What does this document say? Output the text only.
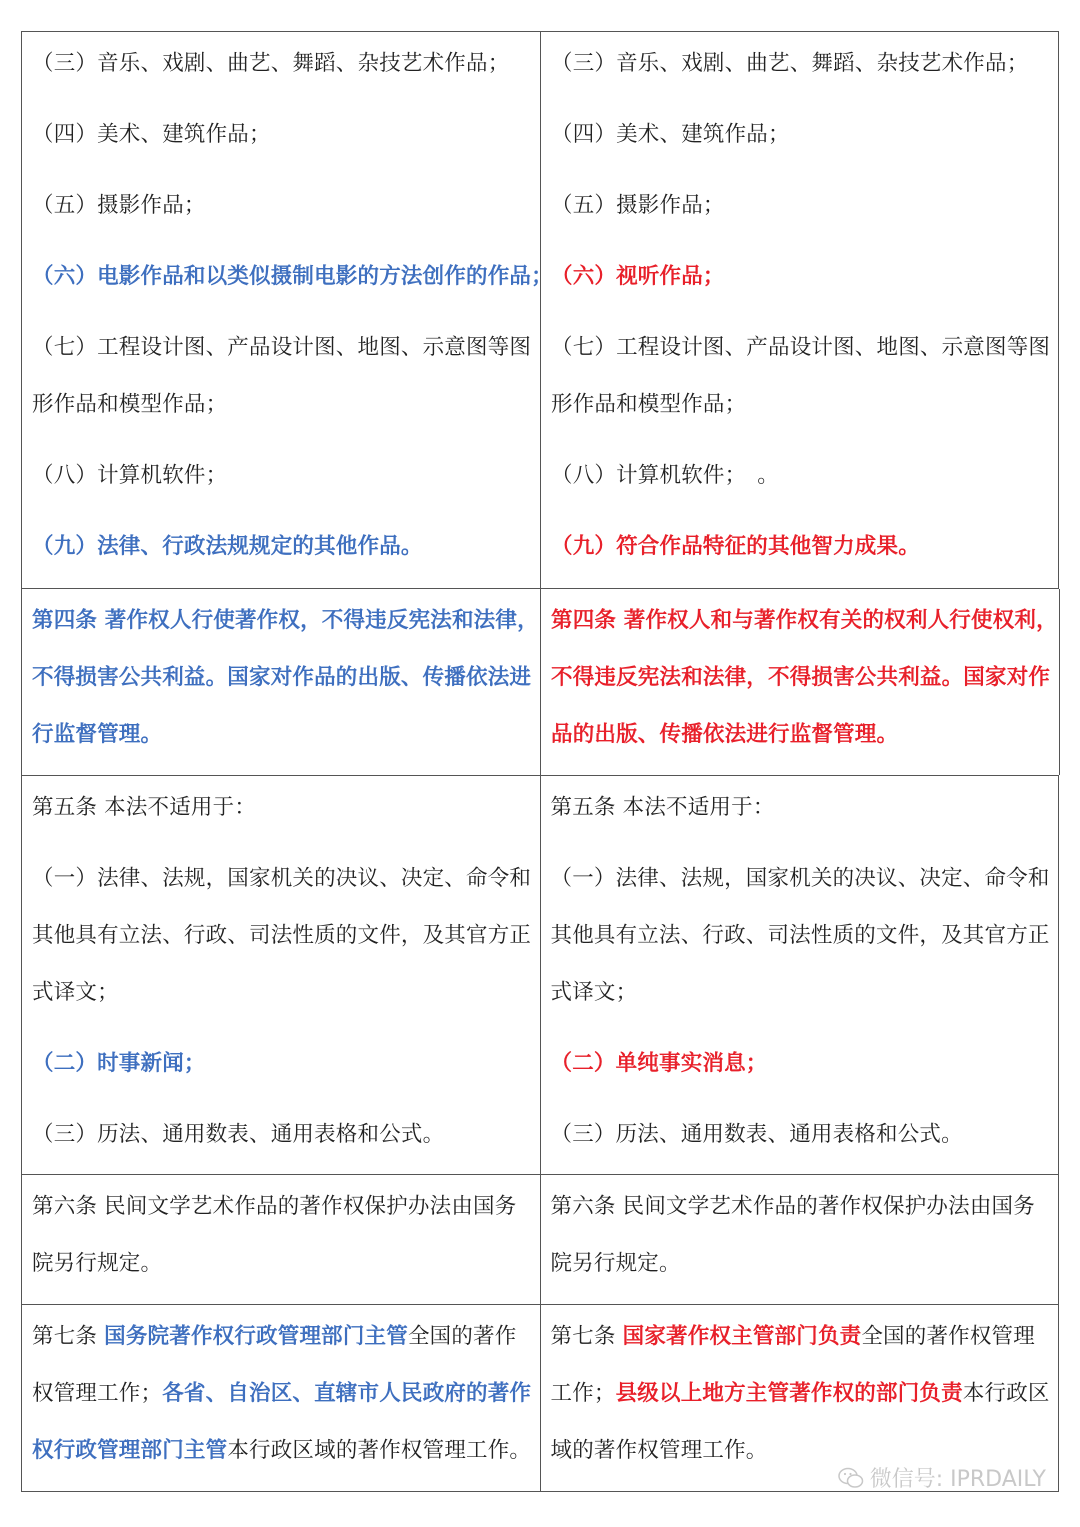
（三）音乐、戏剧、曲艺、舞蹈、杂技艺术作品；
（四）美术、建筑作品；
（五）摄影作品；
（六）电影作品和以类似摄制电影的方法创作的作品；
（七）工程设计图、产品设计图、地图、示意图等图
形作品和模型作品；
（八）计算机软件；
（九）法律、行政法规规定的其他作品。
（三）音乐、戏剧、曲艺、舞蹈、杂技艺术作品；
（四）美术、建筑作品；
（五）摄影作品；
（六）视听作品；
（七）工程设计图、产品设计图、地图、示意图等图
形作品和模型作品；
（八）计算机软件；　。
（九）符合作品特征的其他智力成果。
第四条 著作权人行使著作权，不得违反宪法和法律，
不得损害公共利益。国家对作品的出版、传播依法进
行监督管理。
第四条 著作权人和与著作权有关的权利人行使权利，
不得违反宪法和法律，不得损害公共利益。国家对作
品的出版、传播依法进行监督管理。
第五条 本法不适用于：
（一）法律、法规，国家机关的决议、决定、命令和
其他具有立法、行政、司法性质的文件，及其官方正
式译文；
（二）时事新闻；
（三）历法、通用数表、通用表格和公式。
第五条 本法不适用于：
（一）法律、法规，国家机关的决议、决定、命令和
其他具有立法、行政、司法性质的文件，及其官方正
式译文；
（二）单纯事实消息；
（三）历法、通用数表、通用表格和公式。
第六条 民间文学艺术作品的著作权保护办法由国务
院另行规定。
第六条 民间文学艺术作品的著作权保护办法由国务
院另行规定。
第七条 国务院著作权行政管理部门主管全国的著作
权管理工作；各省、自治区、直辖市人民政府的著作
权行政管理部门主管本行政区域的著作权管理工作。
第七条 国家著作权主管部门负责全国的著作权管理
工作；县级以上地方主管著作权的部门负责本行政区
域的著作权管理工作。
微信号: IPRDAILY
